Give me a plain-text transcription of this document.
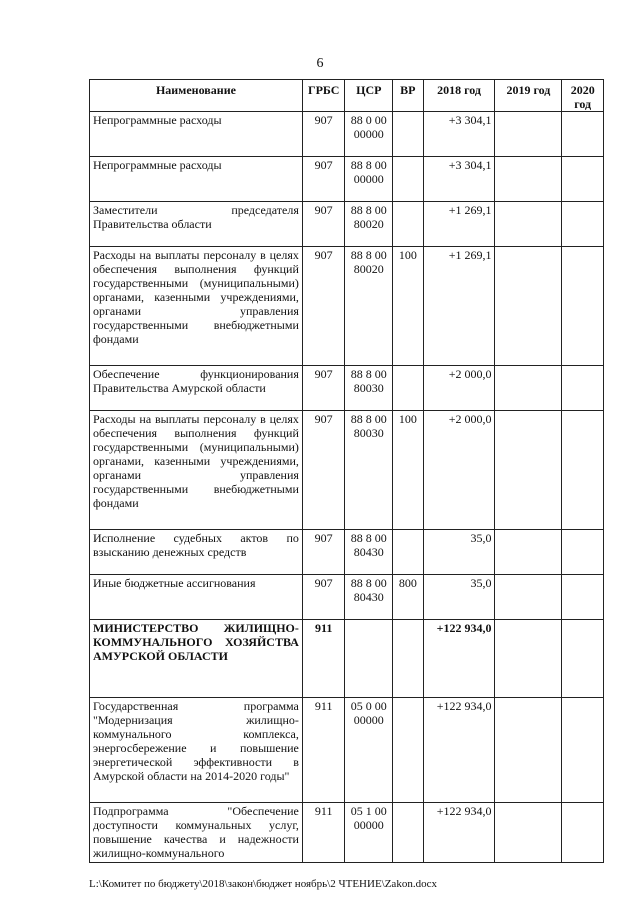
6
Наименование	ГРБС	ЦСР	ВР	2018 год	2019 год	2020 год
Непрограммные расходы	907	88 0 00 00000		+3 304,1		
Непрограммные расходы	907	88 8 00 00000		+3 304,1		
Заместители председателя Правительства области	907	88 8 00 80020		+1 269,1		
Расходы на выплаты персоналу в целях обеспечения выполнения функций государственными (муниципальными) органами, казенными учреждениями, органами управления государственными внебюджетными фондами	907	88 8 00 80020	100	+1 269,1		
Обеспечение функционирования Правительства Амурской области	907	88 8 00 80030		+2 000,0		
Расходы на выплаты персоналу в целях обеспечения выполнения функций государственными (муниципальными) органами, казенными учреждениями, органами управления государственными внебюджетными фондами	907	88 8 00 80030	100	+2 000,0		
Исполнение судебных актов по взысканию денежных средств	907	88 8 00 80430		35,0		
Иные бюджетные ассигнования	907	88 8 00 80430	800	35,0		
МИНИСТЕРСТВО ЖИЛИЩНО-КОММУНАЛЬНОГО ХОЗЯЙСТВА АМУРСКОЙ ОБЛАСТИ	911			+122 934,0		
Государственная программа "Модернизация жилищно-коммунального комплекса, энергосбережение и повышение энергетической эффективности в Амурской области на 2014-2020 годы"	911	05 0 00 00000		+122 934,0		
Подпрограмма "Обеспечение доступности коммунальных услуг, повышение качества и надежности жилищно-коммунального	911	05 1 00 00000		+122 934,0		
L:\Комитет по бюджету\2018\закон\бюджет ноябрь\2 ЧТЕНИЕ\Zakon.docx
